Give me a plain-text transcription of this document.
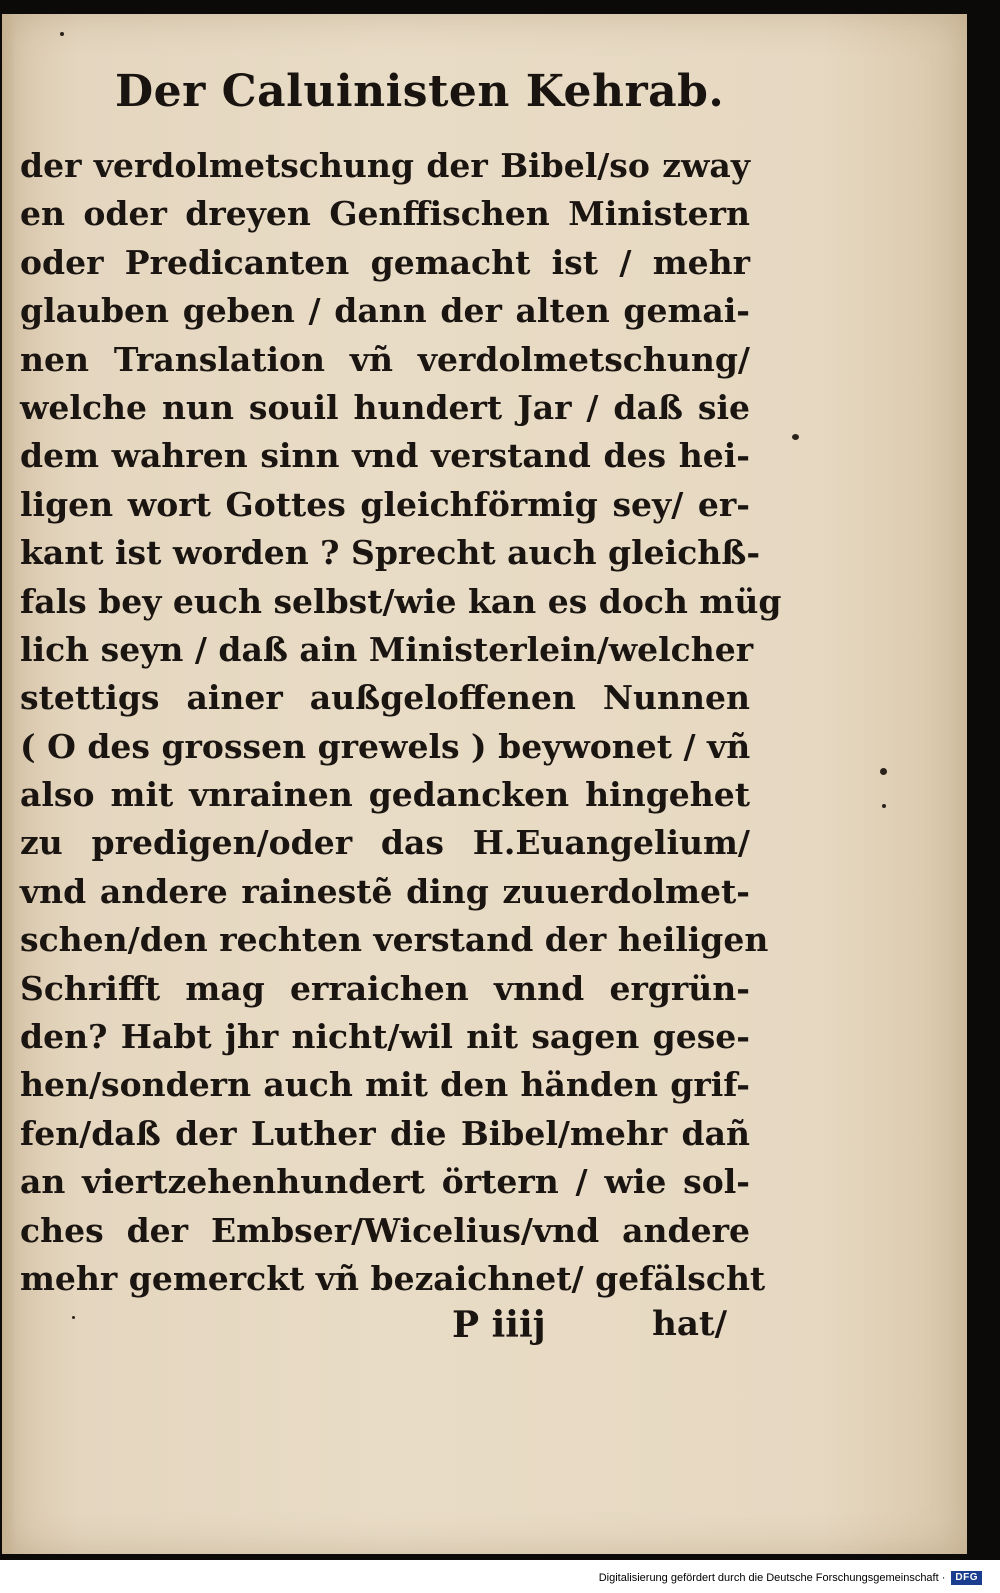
Der Caluinisten Kehrab.
der verdolmetschung der Bibel/so zway
en oder dreyen Genffischen Ministern
oder Predicanten gemacht ist / mehr
glauben geben / dann der alten gemai-
nen Translation vñ verdolmetschung/
welche nun souil hundert Jar / daß sie
dem wahren sinn vnd verstand des hei-
ligen wort Gottes gleichförmig sey/ er-
kant ist worden ? Sprecht auch gleichß-
fals bey euch selbst/wie kan es doch müg
lich seyn / daß ain Ministerlein/welcher
stettigs ainer außgeloffenen Nunnen
( O des grossen grewels ) beywonet / vñ
also mit vnrainen gedancken hingehet
zu predigen/oder das H.Euangelium/
vnd andere rainestẽ ding zuuerdolmet-
schen/den rechten verstand der heiligen
Schrifft mag erraichen vnnd ergrün-
den? Habt jhr nicht/wil nit sagen gese-
hen/sondern auch mit den händen grif-
fen/daß der Luther die Bibel/mehr dañ
an viertzehenhundert örtern / wie sol-
ches der Embser/Wicelius/vnd andere
mehr gemerckt vñ bezaichnet/ gefälscht
P iiij	hat/
Digitalisierung gefördert durch die Deutsche Forschungsgemeinschaft ·	DFG
